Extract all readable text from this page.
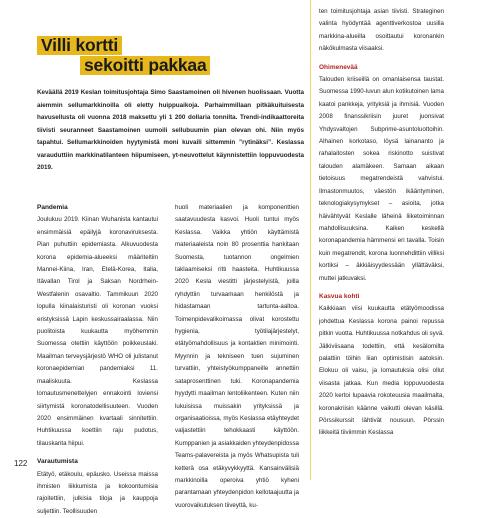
Villi kortti
sekoitti pakkaa

Keväällä 2019 Keslan toimitusjohtaja Simo Saastamoinen oli hivenen huolissaan. Vuotta aiemmin sellumarkkinoilla oli eletty huippuaikoja. Parhaimmillaan pitkäkuituisesta havusellusta oli vuonna 2018 maksettu yli 1 200 dollaria tonnilta. Trendi-indikaattoreita tiivisti seuranneet Saastamoinen uumoili sellubuumin pian olevan ohi. Niin myös tapahtui. Sellumarkkinoiden hyytymistä moni kuvaili sittemmin ”rytinäksi”. Keslassa varauduttiin markkinatilanteen hiipumiseen, yt-neuvottelut käynnistettiin loppuvuodesta 2019.

Pandemia

Joulukuu 2019. Kiinan Wuhanista kantautui ensimmäisiä epäilyjä koronaviruksesta. Pian puhuttiin epidemiasta. Alkuvuodesta korona epidemia-alueeksi määriteltiin Mannei-Kiina, Iran, Etelä-Korea, Italia, Itävallan Tirol ja Saksan Nordrhein-Westfalenin osavaltio. Tammikuun 2020 lopulla kiinalaisturisti oli koronan vuoksi eristyksissä Lapin keskussairaalassa. Niin puolitoista kuukautta myöhemmin Suomessa otettiin käyttöön poikkeuslaki. Maailman terveysjärjestö WHO oli julistanut koronaepidemian pandemiaksi 11. maaliskuuta. Keslassa lomautusmenettelyjen ennakointi loviensi siirtymistä koronatodellisuuteen. Vuoden 2020 ensimmäinen kvartaali sinnitettiin. Huhtikuussa koettiin raju pudotus, tilauskanta hiipui.

Varautumista

Etätyö, etäkoulu, epäusko. Useissa maissa ihmisten liikkumista ja kokoontumisia rajoitettiin, julkisia tiloja ja kauppoja suljettiin. Teollisuuden

huoli materiaalien ja komponenttien saatavuudesta kasvoi. Huoli tuntui myös Keslassa. Vaikka yhtiön käyttämistä materiaaleista noin 80 prosenttia hankitaan Suomesta, tuotannon ongelmien taklaamiseksi ritti haasteita. Huhtikuussa 2020 Kesla viestitti järjestelyistä, joilla ryhdyttiin turvaamaan henkilöstä ja hidastamaan tartunta-aaltoa. Toimenpidevalikoimassa olivat korostettu hygienia, työtilajärjestelyt, etätyömahdollisuus ja kontaktien minimointi. Myynnin ja tekniseen tuen sujuminen turvattiin, yhteistyökumppaneille annettiin sataprosenttinen tuki. Koronapandemia hyydytti maailman lentoliikenteen. Kuten niin lukuisissa muissakin yrityksissä ja organisaatioissa, myös Keslassa etäyhteydet valjastettiin tehokkaasti käyttöön. Kumppanien ja asiakkaiden yhteydenpidossa Teams-palavereista ja myös Whatsupista tuli ketterä osa etäkyvykkyyttä. Kansainvälisiä markkinoilla operoiva yhtiö kyheni parantamaan yhteydenpidon kellotaajuutta ja vuorovaikutuksen tiiveyttä, ku-

ten toimitusjohtaja asian tiivisti. Strateginen valinta hyödyntää agenttiverkostoa uusilla markkina-alueilla osoittautui koronankin näkökulmasta viisaaksi.

Ohimenevää

Talouden kriiseillä on omanlaisensa taustat. Suomessa 1990-luvun alun kotikutoinen lama kaatoi pankkeja, yrityksiä ja ihmisiä. Vuoden 2008 finanssikriisin juuret juonsivat Yhdysvaltojen Subprime-asuntoluottoihin. Alhainen korkotaso, löysä lainananto ja rahalaitosten sokea riskinotto suistivat talouden alamäkeen. Samaan aikaan tietoisuus megatrendeistä vahvistui. Ilmastonmuutos, väestön ikääntyminen, teknologiakysymykset – asioita, jotka häivähtyvät Keslalle läheinä liiketoiminnan mahdollisuuksina. Kaiken keskellä koronapandemia hämmensi eri tavalla. Toisin kuin megatrendit, korona luonnehdittiin villiksi kortiksi – äkkiäisyydessään yllättäväksi, muttei jatkuvaksi.

Kasvua kohti

Kaikkiaan viisi kuukautta etätyömoodissa johdettua Keslassa korona painoi repussa pitkin vuotta. Huhtikuussa notkahdus oli syvä. Jälkiviisaana todettiin, että kesälomilta palattiin töihin liian optimistisin aatoksin. Elokuu oli vaisu, ja lomautuksia olisi ollut viisasta jatkaa. Kun media loppuvuodesta 2020 kertoi lupaavia rokoteuusia maailmalta, koronakriisin käänne vaikutti olevan käsillä. Pörssikurssit lähtivät nousuun. Pörssin liikkeitä tiiviimmin Keslassa

122
